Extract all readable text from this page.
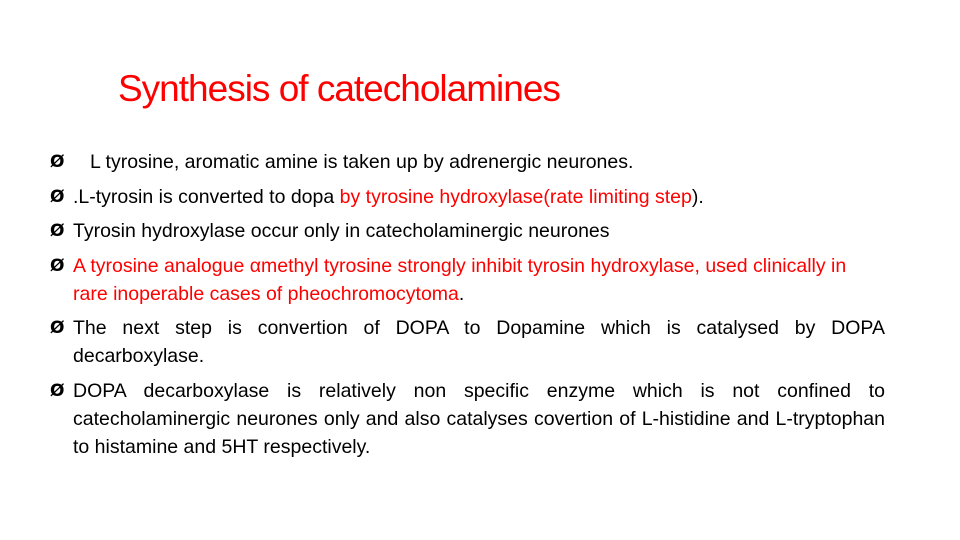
Synthesis of catecholamines
Ø L tyrosine, aromatic amine is taken up by adrenergic neurones.
Ø .L-tyrosin is converted to dopa by tyrosine hydroxylase(rate limiting step).
Ø Tyrosin hydroxylase occur only in catecholaminergic neurones
Ø A tyrosine analogue αmethyl tyrosine strongly inhibit tyrosin hydroxylase, used clinically in rare inoperable cases of pheochromocytoma.
Ø The next step is convertion of DOPA to Dopamine which is catalysed by DOPA decarboxylase.
Ø DOPA decarboxylase is relatively non specific enzyme which is not confined to catecholaminergic neurones only and also catalyses covertion of L-histidine and L-tryptophan to histamine and 5HT respectively.
